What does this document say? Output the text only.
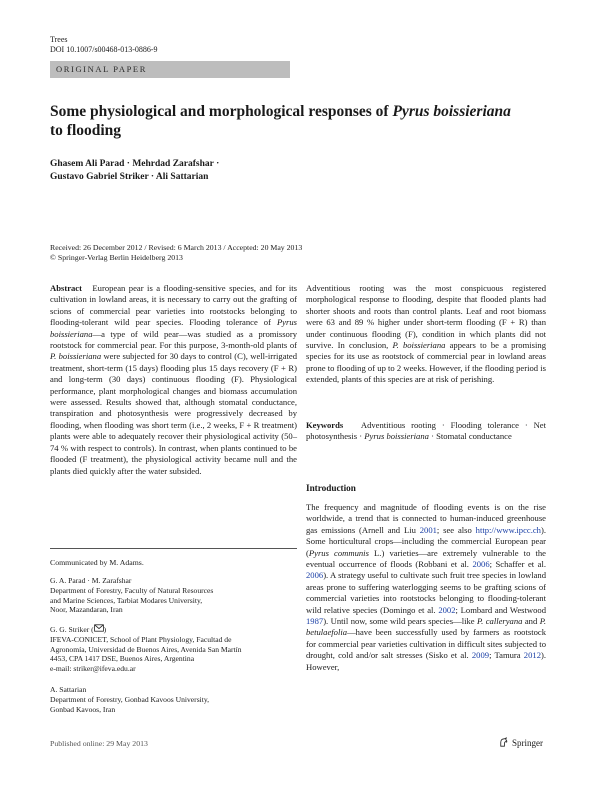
Trees
DOI 10.1007/s00468-013-0886-9
ORIGINAL PAPER
Some physiological and morphological responses of Pyrus boissieriana to flooding
Ghasem Ali Parad · Mehrdad Zarafshar ·
Gustavo Gabriel Striker · Ali Sattarian
Received: 26 December 2012 / Revised: 6 March 2013 / Accepted: 20 May 2013
© Springer-Verlag Berlin Heidelberg 2013
Abstract European pear is a flooding-sensitive species, and for its cultivation in lowland areas, it is necessary to carry out the grafting of scions of commercial pear varieties into rootstocks belonging to flooding-tolerant wild pear species. Flooding tolerance of Pyrus boissieriana—a type of wild pear—was studied as a promissory rootstock for commercial pear. For this purpose, 3-month-old plants of P. boissieriana were subjected for 30 days to control (C), well-irrigated treatment, short-term (15 days) flooding plus 15 days recovery (F + R) and long-term (30 days) continuous flooding (F). Physiological performance, plant morphological changes and biomass accumulation were assessed. Results showed that, although stomatal conductance, transpiration and photosynthesis were progressively decreased by flooding, when flooding was short term (i.e., 2 weeks, F + R treatment) plants were able to adequately recover their physiological activity (50–74 % with respect to controls). In contrast, when plants continued to be flooded (F treatment), the physiological activity became null and the plants died quickly after the water subsided.
Adventitious rooting was the most conspicuous registered morphological response to flooding, despite that flooded plants had shorter shoots and roots than control plants. Leaf and root biomass were 63 and 89 % higher under short-term flooding (F + R) than under continuous flooding (F), condition in which plants did not survive. In conclusion, P. boissieriana appears to be a promising species for its use as rootstock of commercial pear in lowland areas prone to flooding of up to 2 weeks. However, if the flooding period is extended, plants of this species are at risk of perishing.
Keywords Adventitious rooting · Flooding tolerance · Net photosynthesis · Pyrus boissieriana · Stomatal conductance
Introduction
The frequency and magnitude of flooding events is on the rise worldwide, a trend that is connected to human-induced greenhouse gas emissions (Arnell and Liu 2001; see also http://www.ipcc.ch). Some horticultural crops—including the commercial European pear (Pyrus communis L.) varieties—are extremely vulnerable to the eventual occurrence of floods (Robbani et al. 2006; Schaffer et al. 2006). A strategy useful to cultivate such fruit tree species in lowland areas prone to suffering waterlogging seems to be grafting scions of commercial varieties into rootstocks belonging to flooding-tolerant wild relative species (Domingo et al. 2002; Lombard and Westwood 1987). Until now, some wild pears species—like P. calleryana and P. betulaefolia—have been successfully used by farmers as rootstock for commercial pear varieties cultivation in difficult sites subjected to drought, cold and/or salt stresses (Sisko et al. 2009; Tamura 2012). However,
Communicated by M. Adams.
G. A. Parad · M. Zarafshar
Department of Forestry, Faculty of Natural Resources
and Marine Sciences, Tarbiat Modares University,
Noor, Mazandaran, Iran
G. G. Striker ( )
IFEVA-CONICET, School of Plant Physiology, Facultad de
Agronomía, Universidad de Buenos Aires, Avenida San Martín
4453, CPA 1417 DSE, Buenos Aires, Argentina
e-mail: striker@ifeva.edu.ar
A. Sattarian
Department of Forestry, Gonbad Kavoos University,
Gonbad Kavoos, Iran
Published online: 29 May 2013	Springer
